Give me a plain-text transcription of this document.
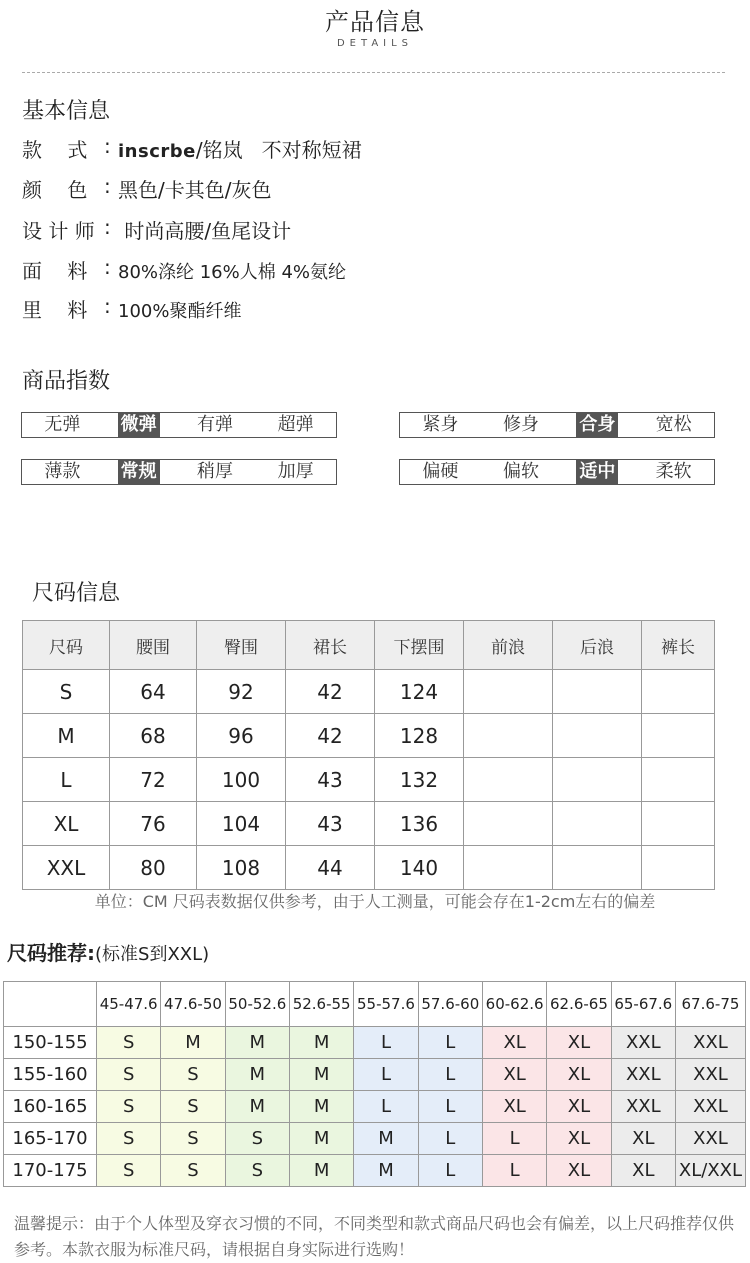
产品信息
DETAILS
基本信息
款    式 : inscrbe/铭岚   不对称短裙
颜    色 : 黑色/卡其色/灰色
设 计 师 : 时尚高腰/鱼尾设计
面    料 : 80%涤纶 16%人棉 4%氨纶
里    料 : 100%聚酯纤维
商品指数
无弹	微弹	有弹	超弹	紧身	修身	合身	宽松
薄款	常规	稍厚	加厚	偏硬	偏软	适中	柔软
尺码信息
尺码	腰围	臀围	裙长	下摆围	前浪	后浪	裤长
S	64	92	42	124			
M	68	96	42	128			
L	72	100	43	132			
XL	76	104	43	136			
XXL	80	108	44	140			
单位：CM 尺码表数据仅供参考，由于人工测量，可能会存在1-2cm左右的偏差
尺码推荐:(标准S到XXL)
体重(kg)
身高(cm)	45-47.6	47.6-50	50-52.6	52.6-55	55-57.6	57.6-60	60-62.6	62.6-65	65-67.6	67.6-75
150-155	S	M	M	M	L	L	XL	XL	XXL	XXL
155-160	S	S	M	M	L	L	XL	XL	XXL	XXL
160-165	S	S	M	M	L	L	XL	XL	XXL	XXL
165-170	S	S	S	M	M	L	L	XL	XL	XXL
170-175	S	S	S	M	M	L	L	XL	XL	XL/XXL
温馨提示：由于个人体型及穿衣习惯的不同，不同类型和款式商品尺码也会有偏差，以上尺码推荐仅供参考。本款衣服为标准尺码，请根据自身实际进行选购！
